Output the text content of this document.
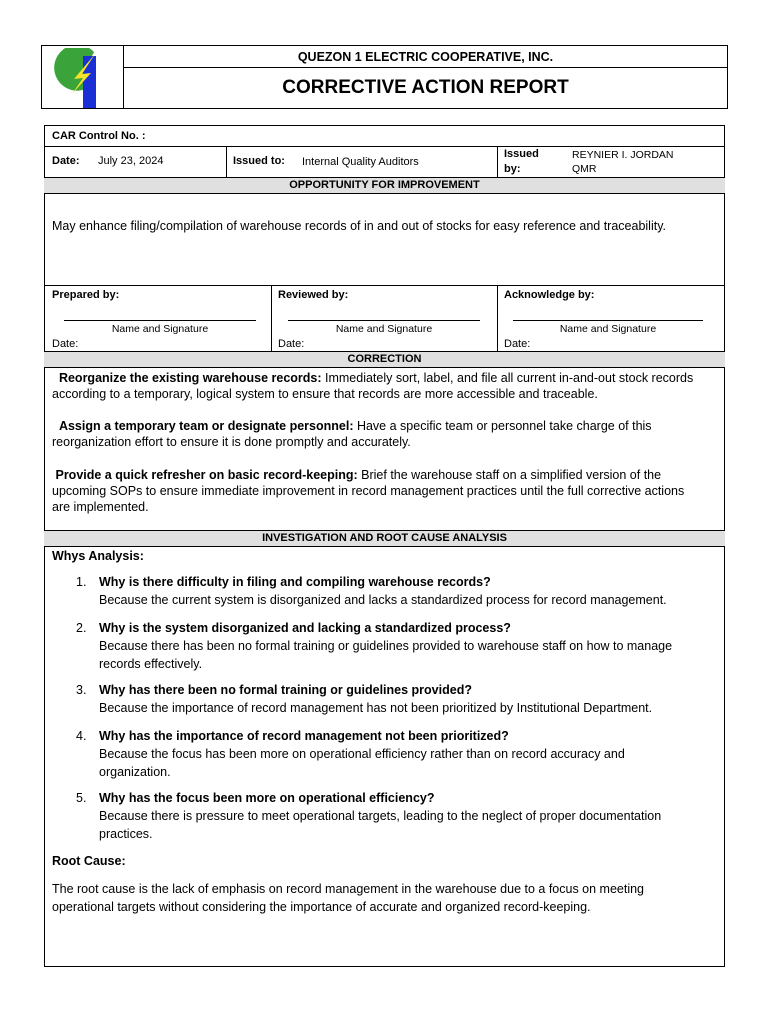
QUEZON 1 ELECTRIC COOPERATIVE, INC.
CORRECTIVE ACTION REPORT
CAR Control No. :
Date: July 23, 2024	Issued to: Internal Quality Auditors
Issued
by:
REYNIER I. JORDAN
QMR
OPPORTUNITY FOR IMPROVEMENT
May enhance filing/compilation of warehouse records of in and out of stocks for easy reference and traceability.
Prepared by:
Name and Signature
Date:
Reviewed by:
Name and Signature
Date:
Acknowledge by:
Name and Signature
Date:
CORRECTION
Reorganize the existing warehouse records: Immediately sort, label, and file all current in-and-out stock records
according to a temporary, logical system to ensure that records are more accessible and traceable.
Assign a temporary team or designate personnel: Have a specific team or personnel take charge of this
reorganization effort to ensure it is done promptly and accurately.
Provide a quick refresher on basic record-keeping: Brief the warehouse staff on a simplified version of the
upcoming SOPs to ensure immediate improvement in record management practices until the full corrective actions
are implemented.
INVESTIGATION AND ROOT CAUSE ANALYSIS
Whys Analysis:
1. Why is there difficulty in filing and compiling warehouse records?
Because the current system is disorganized and lacks a standardized process for record management.
2. Why is the system disorganized and lacking a standardized process?
Because there has been no formal training or guidelines provided to warehouse staff on how to manage
records effectively.
3. Why has there been no formal training or guidelines provided?
Because the importance of record management has not been prioritized by Institutional Department.
4. Why has the importance of record management not been prioritized?
Because the focus has been more on operational efficiency rather than on record accuracy and
organization.
5. Why has the focus been more on operational efficiency?
Because there is pressure to meet operational targets, leading to the neglect of proper documentation
practices.
Root Cause:
The root cause is the lack of emphasis on record management in the warehouse due to a focus on meeting
operational targets without considering the importance of accurate and organized record-keeping.
